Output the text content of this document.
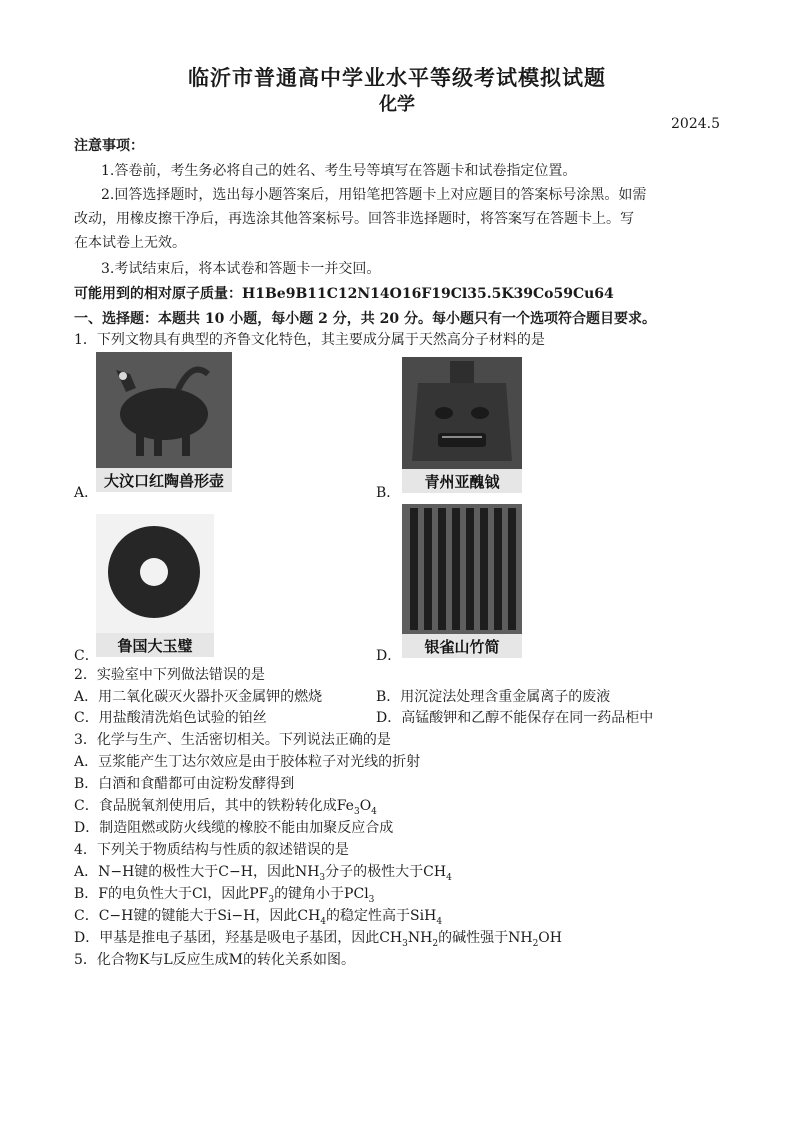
临沂市普通高中学业水平等级考试模拟试题
化学
2024.5
注意事项：
1.答卷前，考生务必将自己的姓名、考生号等填写在答题卡和试卷指定位置。
2.回答选择题时，选出每小题答案后，用铅笔把答题卡上对应题目的答案标号涂黑。如需
改动，用橡皮擦干净后，再选涂其他答案标号。回答非选择题时，将答案写在答题卡上。写
在本试卷上无效。
3.考试结束后，将本试卷和答题卡一并交回。
可能用到的相对原子质量：H1Be9B11C12N14O16F19Cl35.5K39Co59Cu64
一、选择题：本题共 10 小题，每小题 2 分，共 20 分。每小题只有一个选项符合题目要求。
1．下列文物具有典型的齐鲁文化特色，其主要成分属于天然高分子材料的是
大汶口红陶兽形壶
A．
青州亚醜钺
B．
鲁国大玉璧
C．
银雀山竹简
D．
2．实验室中下列做法错误的是
A．用二氧化碳灭火器扑灭金属钾的燃烧	B．用沉淀法处理含重金属离子的废液
C．用盐酸清洗焰色试验的铂丝	D．高锰酸钾和乙醇不能保存在同一药品柜中
3．化学与生产、生活密切相关。下列说法正确的是
A．豆浆能产生丁达尔效应是由于胶体粒子对光线的折射
B．白酒和食醋都可由淀粉发酵得到
C．食品脱氧剂使用后，其中的铁粉转化成$Fe_3O_4$
D．制造阻燃或防火线缆的橡胶不能由加聚反应合成
4．下列关于物质结构与性质的叙述错误的是
A．N−H键的极性大于C−H，因此$NH_3$分子的极性大于$CH_4$
B．F的电负性大于Cl，因此$PF_3$的键角小于PCl$_3$
C．C−H键的键能大于Si−H，因此$CH_4$的稳定性高于SiH$_4$
D．甲基是推电子基团，羟基是吸电子基团，因此$CH_3NH_2$的碱性强于$NH_2OH$
5．化合物K与L反应生成M的转化关系如图。
